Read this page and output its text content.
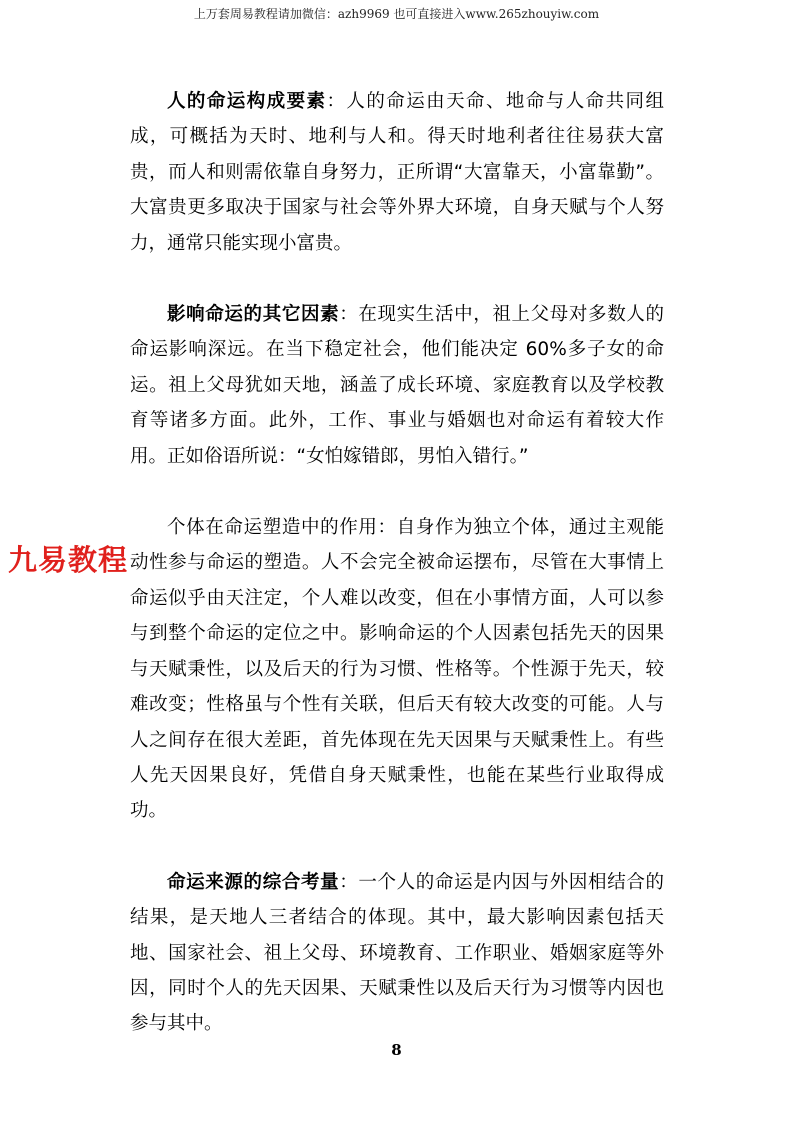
上万套周易教程请加微信：azh9969 也可直接进入www.265zhouyiw.com
九易教程

人的命运构成要素：人的命运由天命、地命与人命共同组成，可概括为天时、地利与人和。得天时地利者往往易获大富贵，而人和则需依靠自身努力，正所谓“大富靠天，小富靠勤”。大富贵更多取决于国家与社会等外界大环境，自身天赋与个人努力，通常只能实现小富贵。

影响命运的其它因素：在现实生活中，祖上父母对多数人的命运影响深远。在当下稳定社会，他们能决定 60%多子女的命运。祖上父母犹如天地，涵盖了成长环境、家庭教育以及学校教育等诸多方面。此外，工作、事业与婚姻也对命运有着较大作用。正如俗语所说：“女怕嫁错郎，男怕入错行。”

个体在命运塑造中的作用：自身作为独立个体，通过主观能动性参与命运的塑造。人不会完全被命运摆布，尽管在大事情上命运似乎由天注定，个人难以改变，但在小事情方面，人可以参与到整个命运的定位之中。影响命运的个人因素包括先天的因果与天赋秉性，以及后天的行为习惯、性格等。个性源于先天，较难改变；性格虽与个性有关联，但后天有较大改变的可能。人与人之间存在很大差距，首先体现在先天因果与天赋秉性上。有些人先天因果良好，凭借自身天赋秉性，也能在某些行业取得成功。

命运来源的综合考量：一个人的命运是内因与外因相结合的结果，是天地人三者结合的体现。其中，最大影响因素包括天地、国家社会、祖上父母、环境教育、工作职业、婚姻家庭等外因，同时个人的先天因果、天赋秉性以及后天行为习惯等内因也参与其中。

8
